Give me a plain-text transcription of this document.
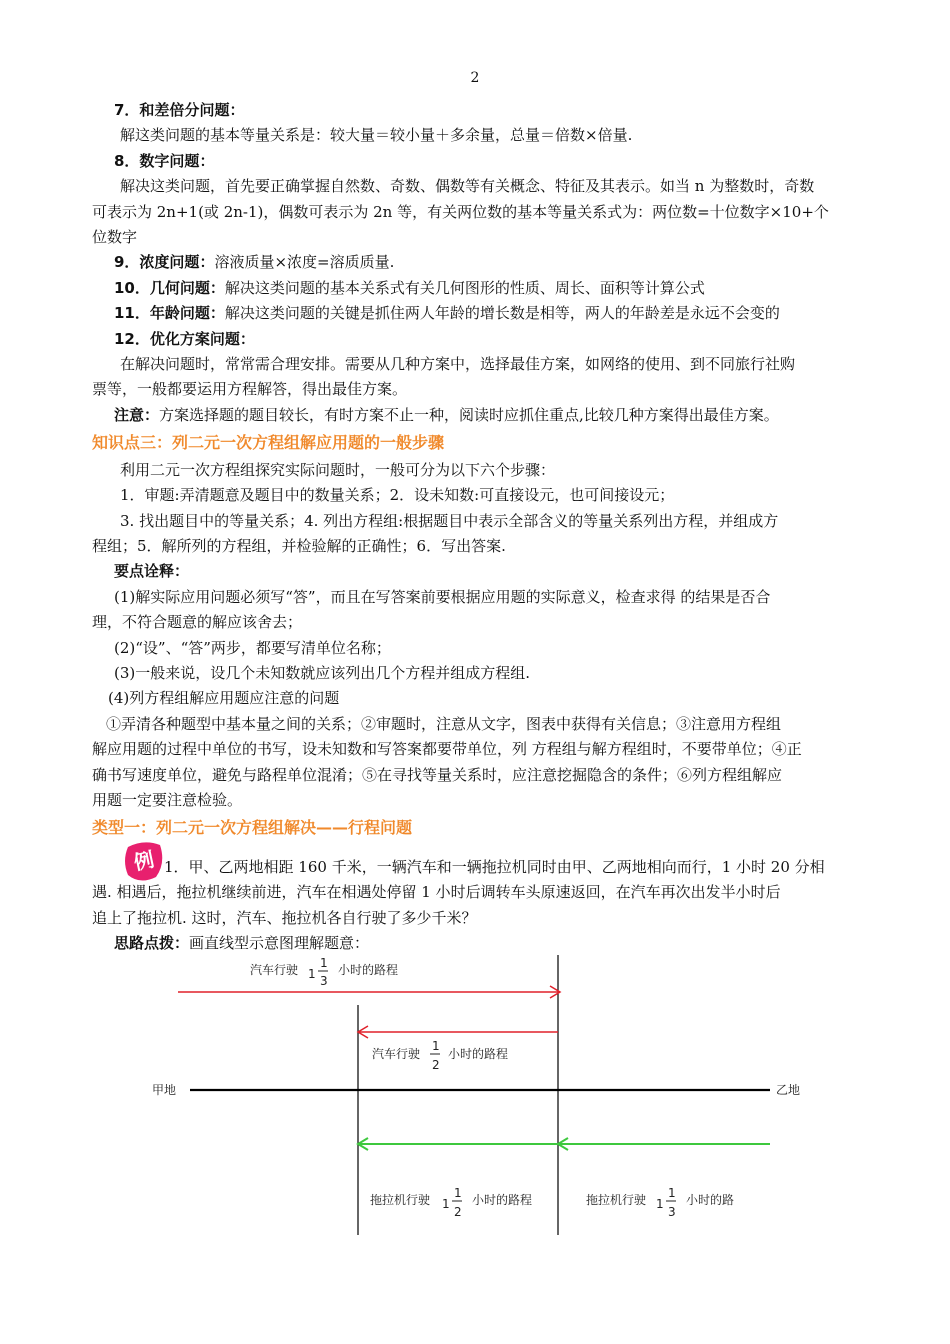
2

7．和差倍分问题：

解这类问题的基本等量关系是：较大量＝较小量＋多余量，总量＝倍数×倍量.

8．数字问题：

解决这类问题，首先要正确掌握自然数、奇数、偶数等有关概念、特征及其表示。如当 n 为整数时，奇数

可表示为 2n+1(或 2n-1)，偶数可表示为 2n 等，有关两位数的基本等量关系式为：两位数=十位数字×10+个

位数字

9．浓度问题：溶液质量×浓度=溶质质量.

10．几何问题：解决这类问题的基本关系式有关几何图形的性质、周长、面积等计算公式

11．年龄问题：解决这类问题的关键是抓住两人年龄的增长数是相等，两人的年龄差是永远不会变的

12．优化方案问题：

在解决问题时，常常需合理安排。需要从几种方案中，选择最佳方案，如网络的使用、到不同旅行社购

票等，一般都要运用方程解答，得出最佳方案。

注意：方案选择题的题目较长，有时方案不止一种，阅读时应抓住重点,比较几种方案得出最佳方案。

知识点三：列二元一次方程组解应用题的一般步骤

利用二元一次方程组探究实际问题时，一般可分为以下六个步骤：

1．审题:弄清题意及题目中的数量关系；2．设未知数:可直接设元，也可间接设元；

3. 找出题目中的等量关系；4. 列出方程组:根据题目中表示全部含义的等量关系列出方程，并组成方

程组；5．解所列的方程组，并检验解的正确性；6．写出答案.

要点诠释：

(1)解实际应用问题必须写“答”，而且在写答案前要根据应用题的实际意义，检查求得 的结果是否合

理，不符合题意的解应该舍去；

(2)“设”、“答”两步，都要写清单位名称；

(3)一般来说，设几个未知数就应该列出几个方程并组成方程组.

(4)列方程组解应用题应注意的问题

①弄清各种题型中基本量之间的关系；②审题时，注意从文字，图表中获得有关信息；③注意用方程组

解应用题的过程中单位的书写，设未知数和写答案都要带单位，列 方程组与解方程组时，不要带单位；④正

确书写速度单位，避免与路程单位混淆；⑤在寻找等量关系时，应注意挖掘隐含的条件；⑥列方程组解应

用题一定要注意检验。

类型一：列二元一次方程组解决——行程问题

例 1．甲、乙两地相距 160 千米，一辆汽车和一辆拖拉机同时由甲、乙两地相向而行，1 小时 20 分相

遇. 相遇后，拖拉机继续前进，汽车在相遇处停留 1 小时后调转车头原速返回，在汽车再次出发半小时后

追上了拖拉机. 这时，汽车、拖拉机各自行驶了多少千米？

思路点拨：画直线型示意图理解题意：

汽车行驶 1
1
3
小时的路程
汽车行驶
1
2
小时的路程
甲地	乙地
拖拉机行驶 1
1
2
小时的路程	拖拉机行驶 1
1
3
小时的路
